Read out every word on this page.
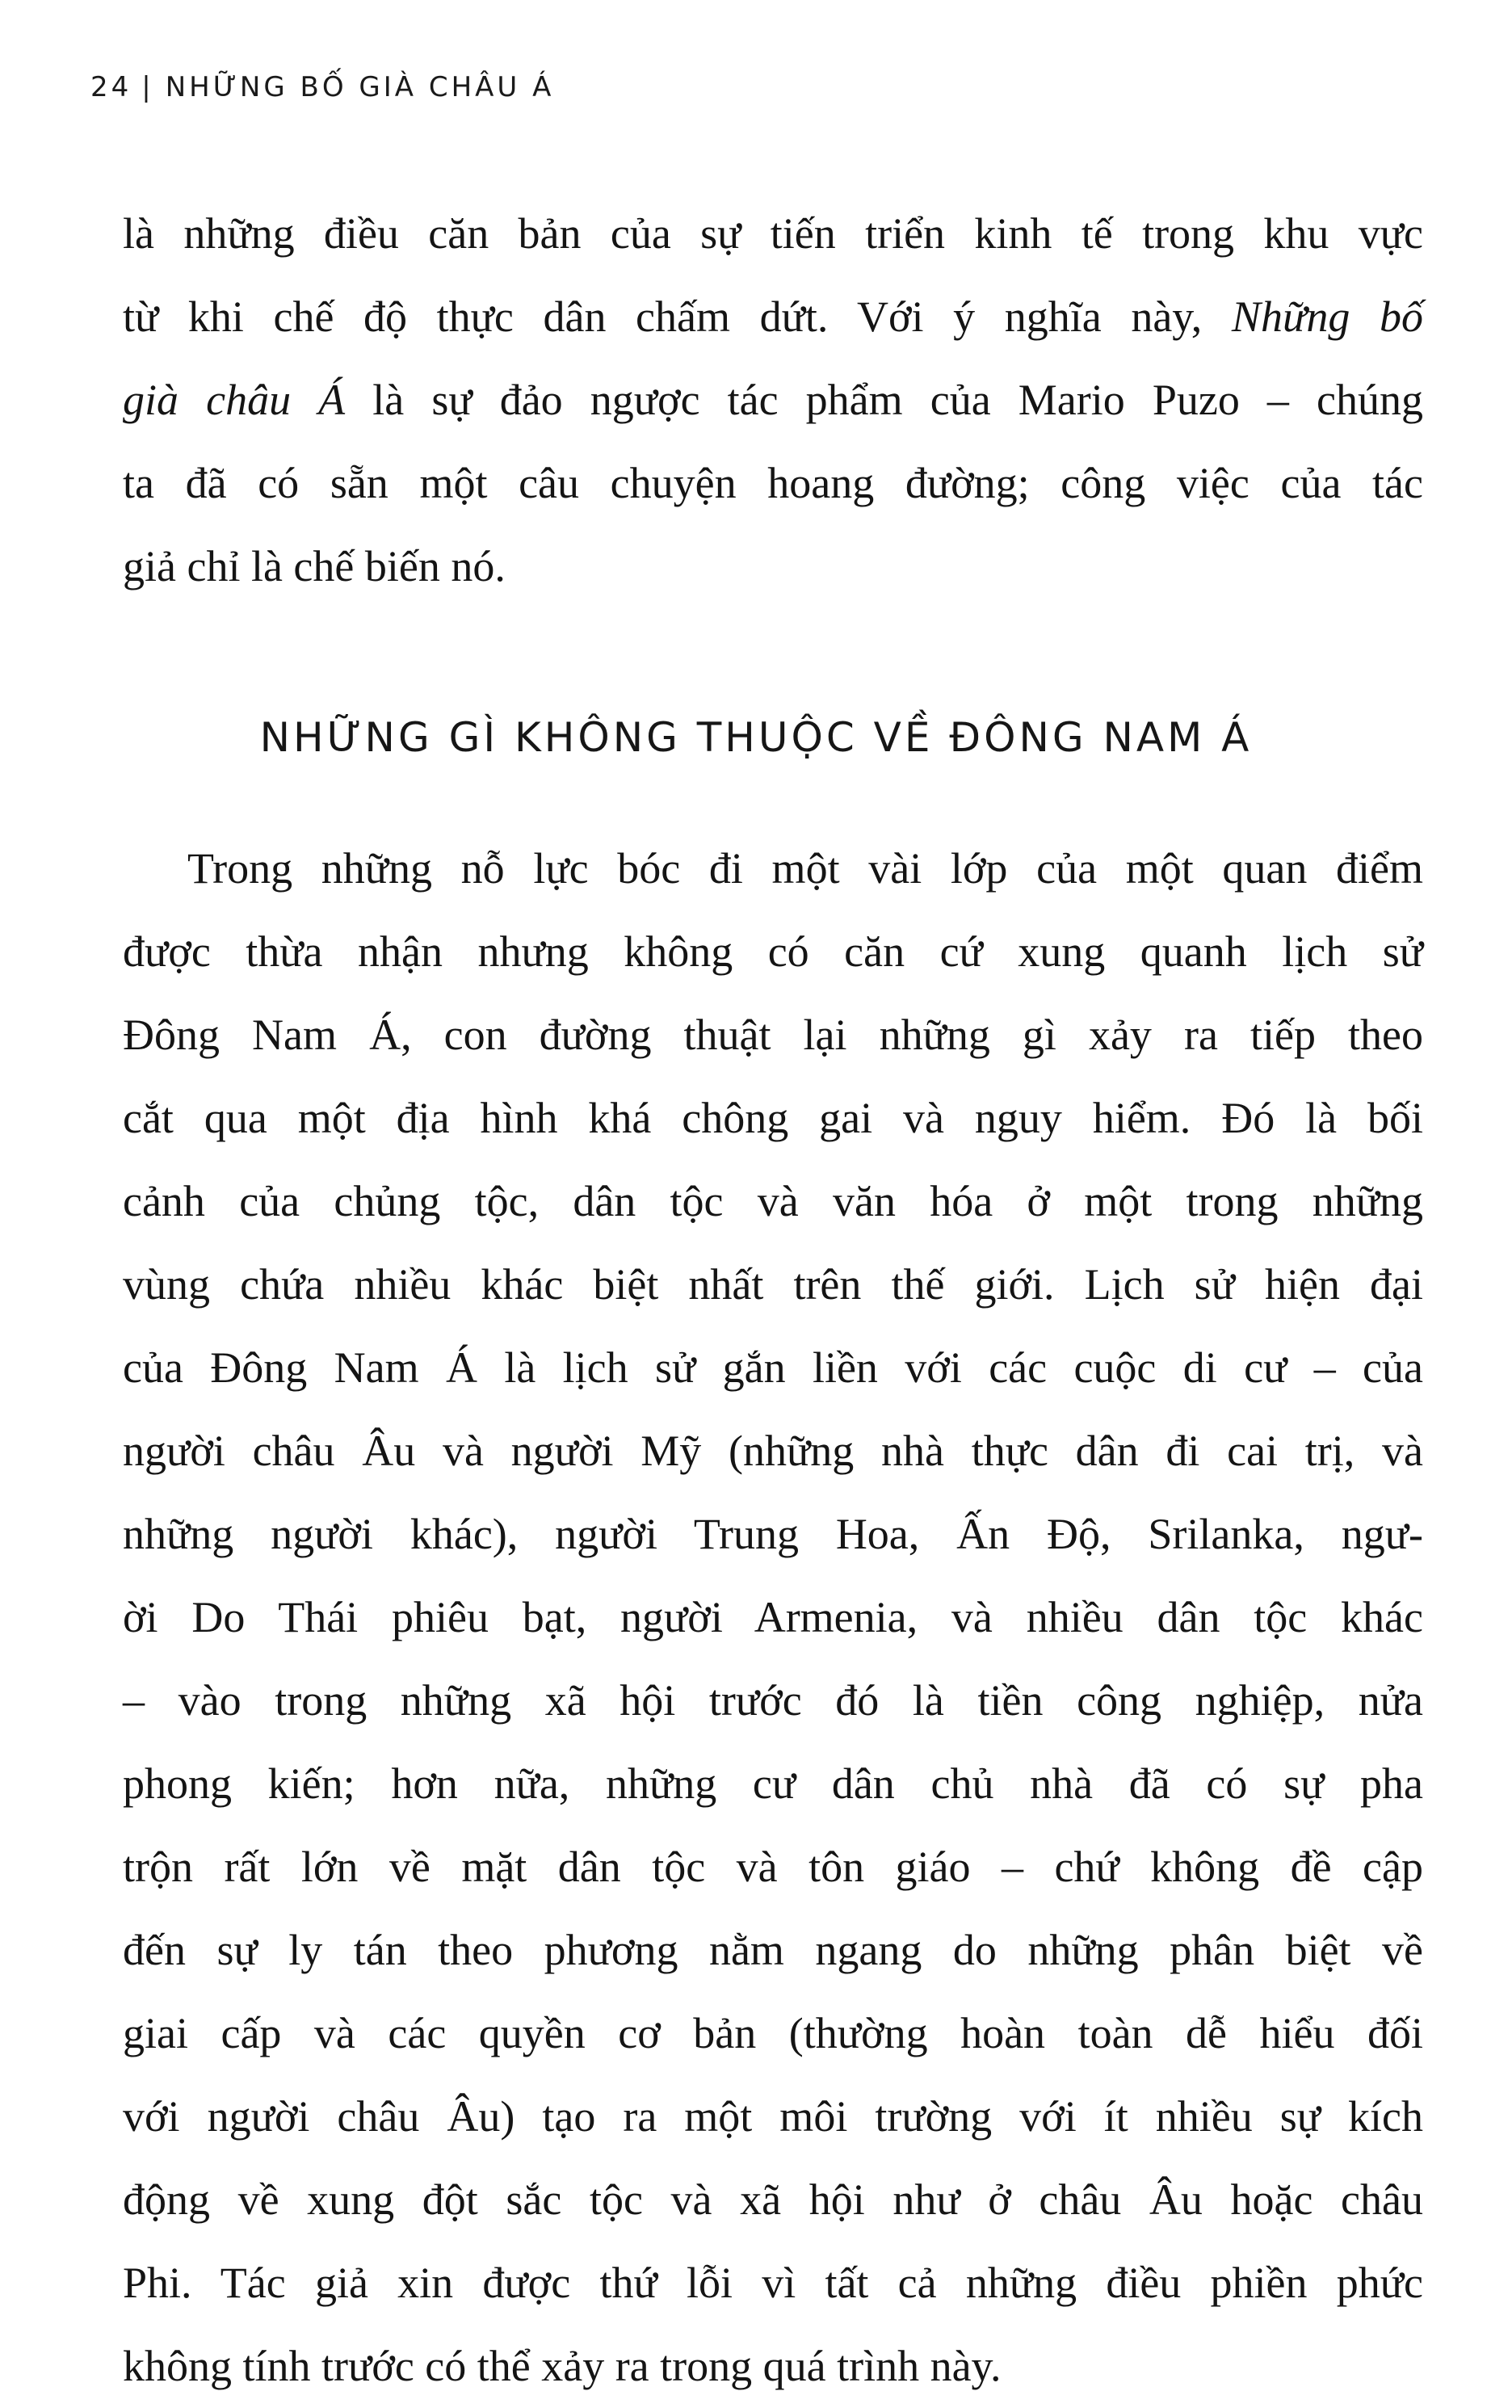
24 | NHỮNG BỐ GIÀ CHÂU Á
là những điều căn bản của sự tiến triển kinh tế trong khu vực
từ khi chế độ thực dân chấm dứt. Với ý nghĩa này, Những bố
già châu Á là sự đảo ngược tác phẩm của Mario Puzo – chúng
ta đã có sẵn một câu chuyện hoang đường; công việc của tác
giả chỉ là chế biến nó.
NHỮNG GÌ KHÔNG THUỘC VỀ ĐÔNG NAM Á
Trong những nỗ lực bóc đi một vài lớp của một quan điểm
được thừa nhận nhưng không có căn cứ xung quanh lịch sử
Đông Nam Á, con đường thuật lại những gì xảy ra tiếp theo
cắt qua một địa hình khá chông gai và nguy hiểm. Đó là bối
cảnh của chủng tộc, dân tộc và văn hóa ở một trong những
vùng chứa nhiều khác biệt nhất trên thế giới. Lịch sử hiện đại
của Đông Nam Á là lịch sử gắn liền với các cuộc di cư – của
người châu Âu và người Mỹ (những nhà thực dân đi cai trị, và
những người khác), người Trung Hoa, Ấn Độ, Srilanka, ngư-
ời Do Thái phiêu bạt, người Armenia, và nhiều dân tộc khác
– vào trong những xã hội trước đó là tiền công nghiệp, nửa
phong kiến; hơn nữa, những cư dân chủ nhà đã có sự pha
trộn rất lớn về mặt dân tộc và tôn giáo – chứ không đề cập
đến sự ly tán theo phương nằm ngang do những phân biệt về
giai cấp và các quyền cơ bản (thường hoàn toàn dễ hiểu đối
với người châu Âu) tạo ra một môi trường với ít nhiều sự kích
động về xung đột sắc tộc và xã hội như ở châu Âu hoặc châu
Phi. Tác giả xin được thứ lỗi vì tất cả những điều phiền phức
không tính trước có thể xảy ra trong quá trình này.
